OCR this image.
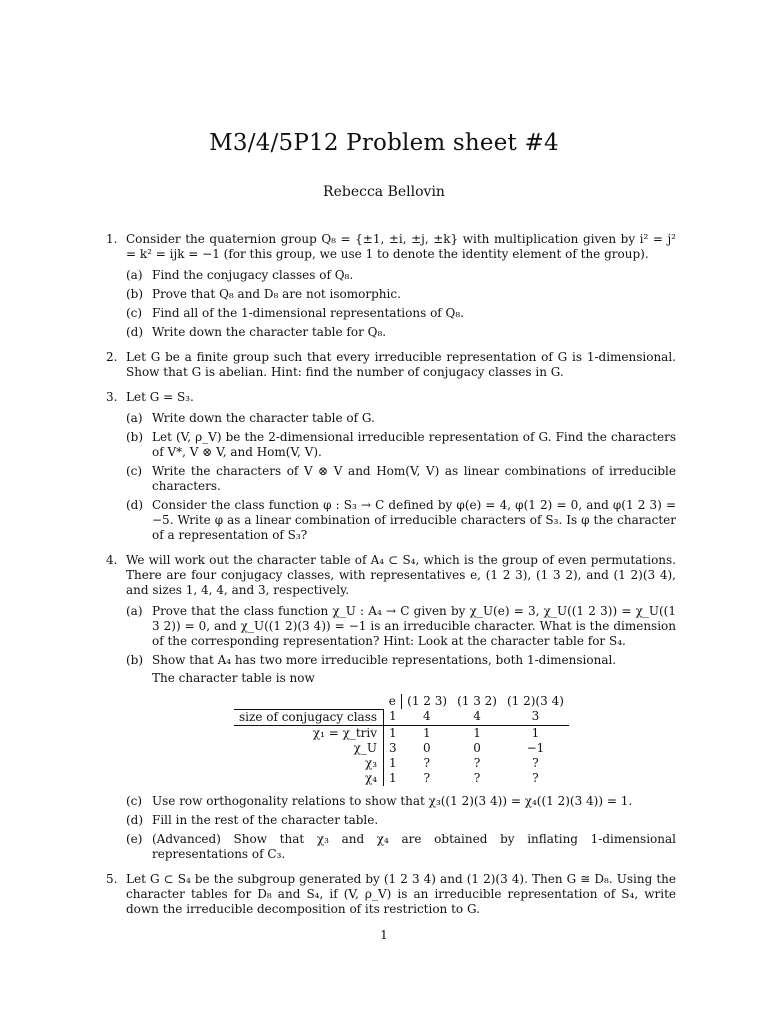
M3/4/5P12 Problem sheet #4
Rebecca Bellovin
1. Consider the quaternion group Q₈ = {±1, ±i, ±j, ±k} with multiplication given by i² = j² = k² = ijk = −1 (for this group, we use 1 to denote the identity element of the group).
(a) Find the conjugacy classes of Q₈.
(b) Prove that Q₈ and D₈ are not isomorphic.
(c) Find all of the 1-dimensional representations of Q₈.
(d) Write down the character table for Q₈.
2. Let G be a finite group such that every irreducible representation of G is 1-dimensional. Show that G is abelian. Hint: find the number of conjugacy classes in G.
3. Let G = S₃.
(a) Write down the character table of G.
(b) Let (V, ρ_V) be the 2-dimensional irreducible representation of G. Find the characters of V*, V ⊗ V, and Hom(V, V).
(c) Write the characters of V ⊗ V and Hom(V, V) as linear combinations of irreducible characters.
(d) Consider the class function φ : S₃ → C defined by φ(e) = 4, φ(1 2) = 0, and φ(1 2 3) = −5. Write φ as a linear combination of irreducible characters of S₃. Is φ the character of a representation of S₃?
4. We will work out the character table of A₄ ⊂ S₄, which is the group of even permutations. There are four conjugacy classes, with representatives e, (1 2 3), (1 3 2), and (1 2)(3 4), and sizes 1, 4, 4, and 3, respectively.
(a) Prove that the class function χ_U : A₄ → C given by χ_U(e) = 3, χ_U((1 2 3)) = χ_U((1 3 2)) = 0, and χ_U((1 2)(3 4)) = −1 is an irreducible character. What is the dimension of the corresponding representation? Hint: Look at the character table for S₄.
(b) Show that A₄ has two more irreducible representations, both 1-dimensional.
The character table is now
	e	(1 2 3)	(1 3 2)	(1 2)(3 4)
size of conjugacy class	1	4	4	3
χ₁ = χ_triv	1	1	1	1
χ_U	3	0	0	−1
χ₃	1	?	?	?
χ₄	1	?	?	?
(c) Use row orthogonality relations to show that χ₃((1 2)(3 4)) = χ₄((1 2)(3 4)) = 1.
(d) Fill in the rest of the character table.
(e) (Advanced) Show that χ₃ and χ₄ are obtained by inflating 1-dimensional representations of C₃.
5. Let G ⊂ S₄ be the subgroup generated by (1 2 3 4) and (1 2)(3 4). Then G ≅ D₈. Using the character tables for D₈ and S₄, if (V, ρ_V) is an irreducible representation of S₄, write down the irreducible decomposition of its restriction to G.
1
